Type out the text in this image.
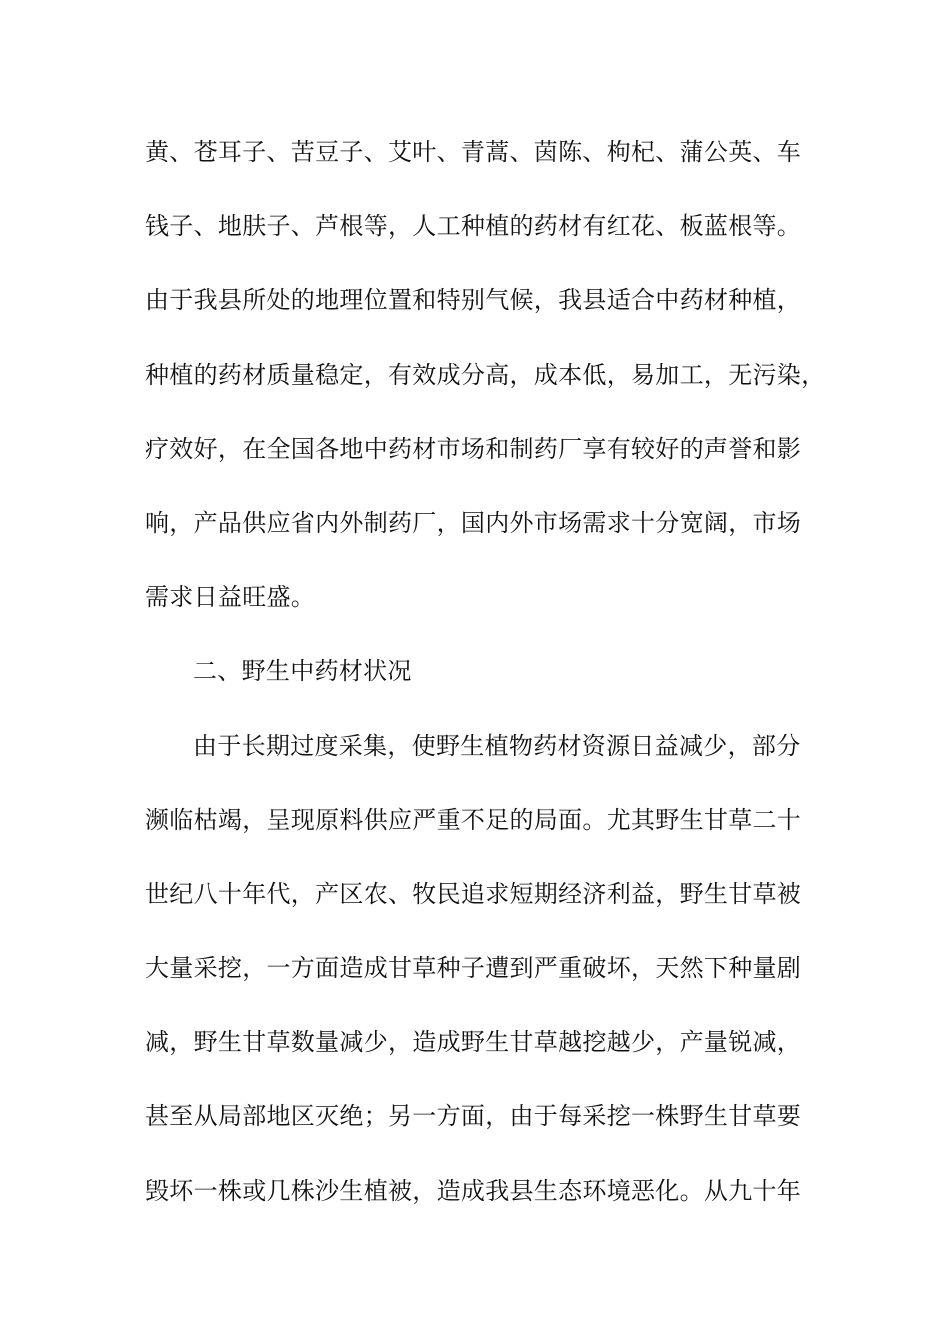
黄、苍耳子、苦豆子、艾叶、青蒿、茵陈、枸杞、蒲公英、车
钱子、地肤子、芦根等，人工种植的药材有红花、板蓝根等。
由于我县所处的地理位置和特别气候，我县适合中药材种植，
种植的药材质量稳定，有效成分高，成本低，易加工，无污染，
疗效好，在全国各地中药材市场和制药厂享有较好的声誉和影
响，产品供应省内外制药厂，国内外市场需求十分宽阔，市场
需求日益旺盛。
二、野生中药材状况
由于长期过度采集，使野生植物药材资源日益减少，部分
濒临枯竭，呈现原料供应严重不足的局面。尤其野生甘草二十
世纪八十年代，产区农、牧民追求短期经济利益，野生甘草被
大量采挖，一方面造成甘草种子遭到严重破坏，天然下种量剧
减，野生甘草数量减少，造成野生甘草越挖越少，产量锐减，
甚至从局部地区灭绝；另一方面，由于每采挖一株野生甘草要
毁坏一株或几株沙生植被，造成我县生态环境恶化。从九十年
